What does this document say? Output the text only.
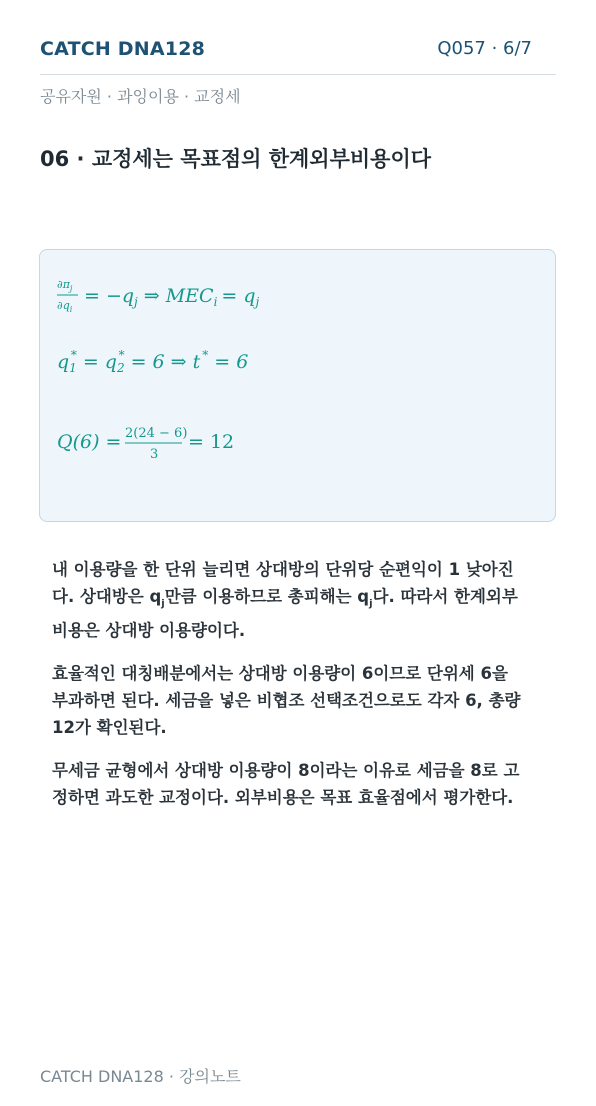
CATCH DNA128	Q057 · 6/7
공유자원 · 과잉이용 · 교정세
06 · 교정세는 목표점의 한계외부비용이다
$\partial\pi_j$
$\partial q_i$
= $-q_j$ ⇒ $MEC_i = q_j$
$q_1* = q_2* = 6$ ⇒ t * = 6
Q(6) = 2(24 − 6)
3
= 12

내 이용량을 한 단위 늘리면 상대방의 단위당 순편익이 1 낮아진
다. 상대방은 $q_j$만큼 이용하므로 총피해는 $q_j$다. 따라서 한계외부
비용은 상대방 이용량이다.

효율적인 대칭배분에서는 상대방 이용량이 6이므로 단위세 6을
부과하면 된다. 세금을 넣은 비협조 선택조건으로도 각자 6, 총량
12가 확인된다.

무세금 균형에서 상대방 이용량이 8이라는 이유로 세금을 8로 고
정하면 과도한 교정이다. 외부비용은 목표 효율점에서 평가한다.

CATCH DNA128 · 강의노트
